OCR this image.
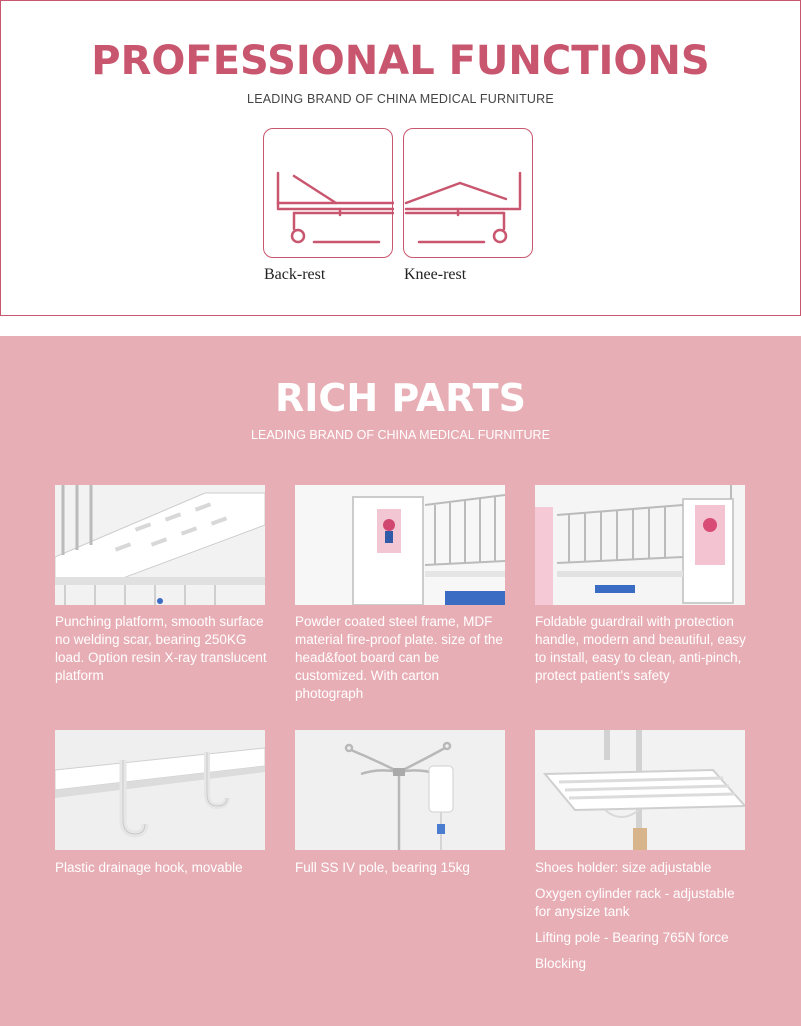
PROFESSIONAL FUNCTIONS
LEADING BRAND OF CHINA MEDICAL FURNITURE
Back-rest	Knee-rest
RICH PARTS
LEADING BRAND OF CHINA MEDICAL FURNITURE
Punching platform, smooth surface no welding scar, bearing 250KG load. Option resin X-ray translucent platform
Powder coated steel frame, MDF material fire-proof plate. size of the head&foot board can be customized. With carton photograph
Foldable guardrail with protection handle, modern and beautiful, easy to install, easy to clean, anti-pinch, protect patient's safety
Plastic drainage hook, movable	Full SS IV pole, bearing 15kg	Shoes holder: size adjustable

Oxygen cylinder rack - adjustable for anysize tank

Lifting pole - Bearing 765N force

Blocking
